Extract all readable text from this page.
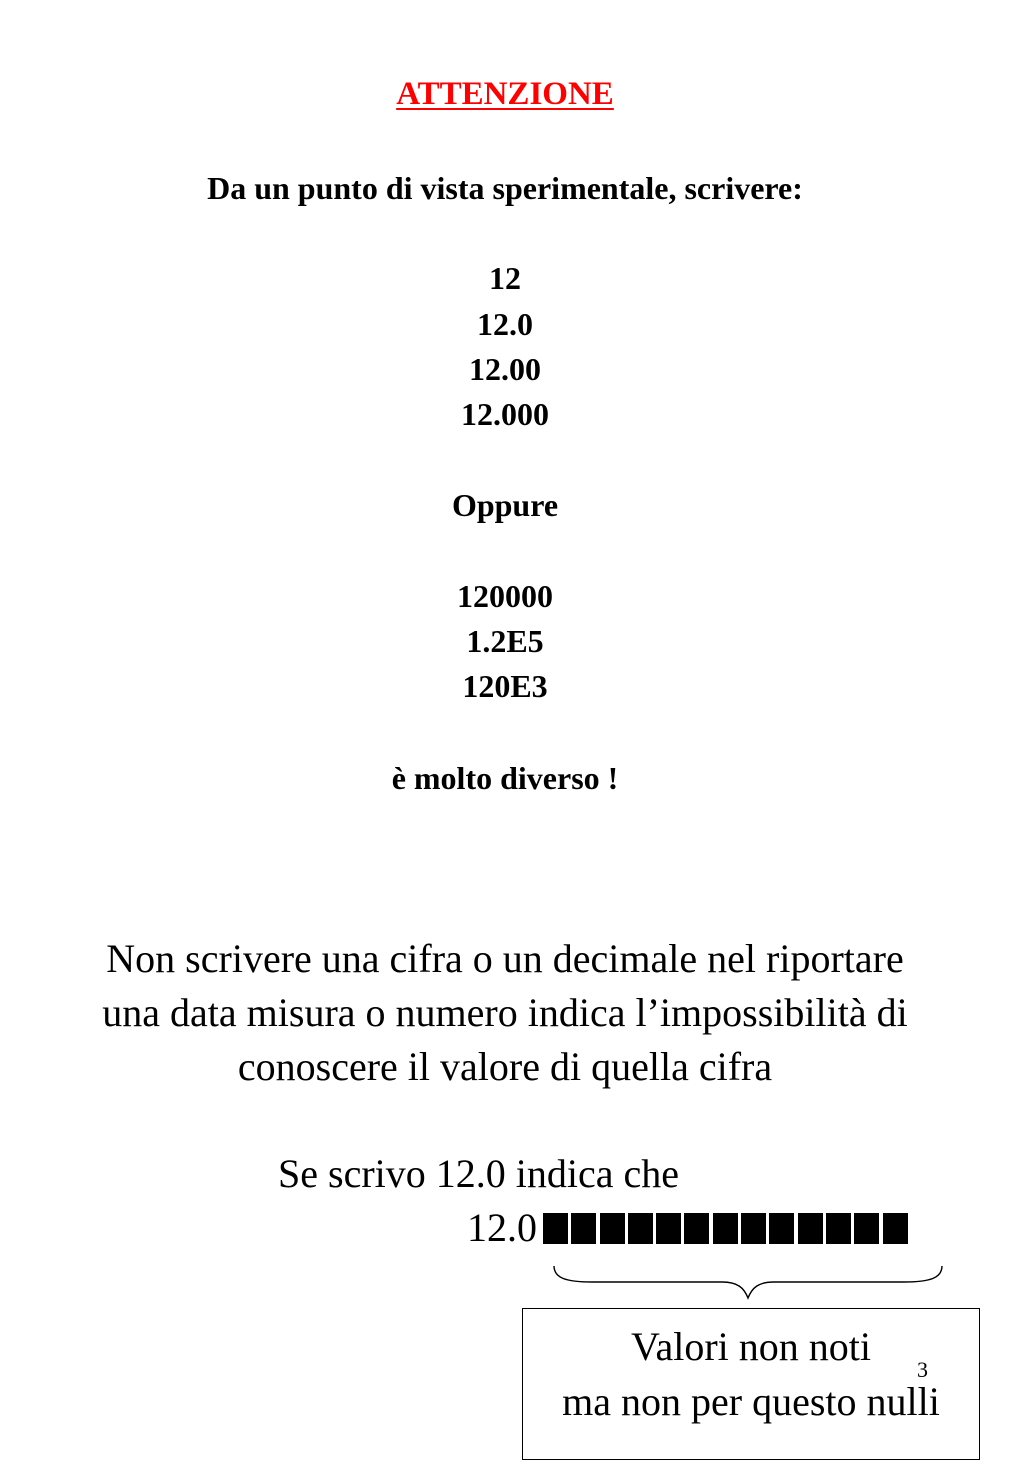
ATTENZIONE
Da un punto di vista sperimentale, scrivere:
12
12.0
12.00
12.000
Oppure
120000
1.2E5
120E3
è molto diverso !
Non scrivere una cifra o un decimale nel riportare
una data misura o numero indica l’impossibilità di
conoscere il valore di quella cifra
Se scrivo 12.0 indica che
12.0
Valori non noti
ma non per questo nulli
3
